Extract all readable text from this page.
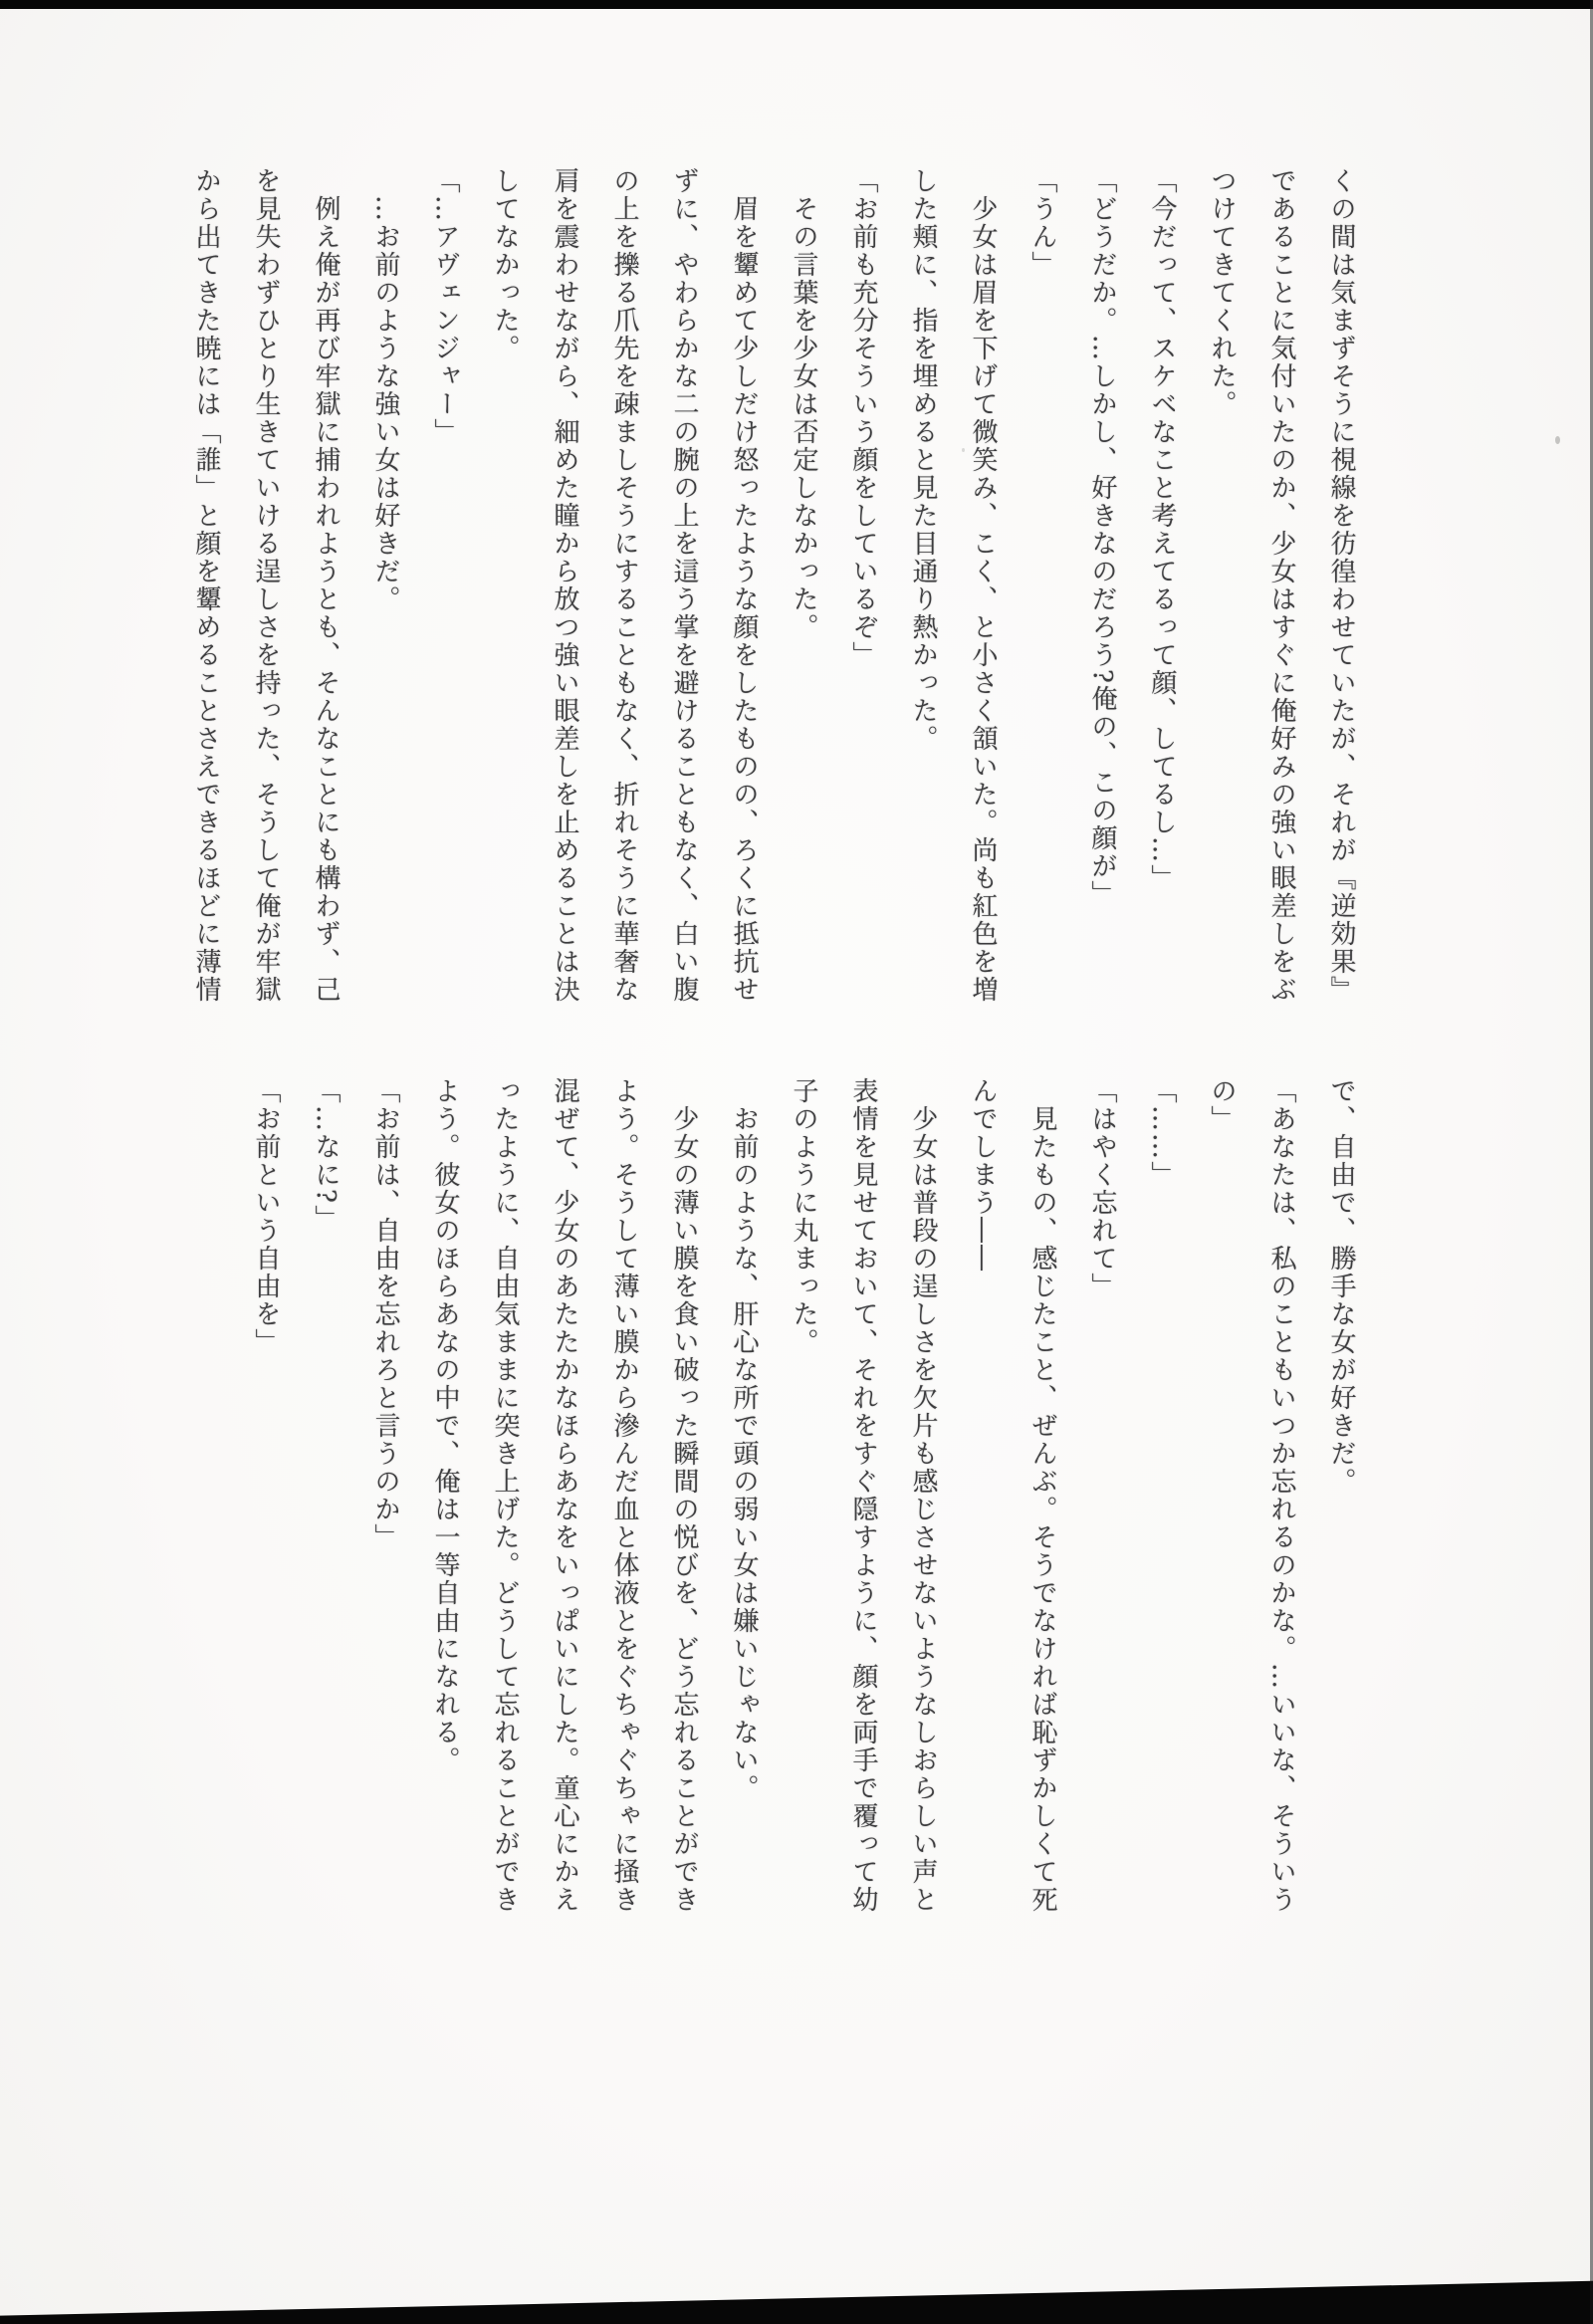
くの間は気まずそうに視線を彷徨わせていたが、それが『逆効果』

であることに気付いたのか、少女はすぐに俺好みの強い眼差しをぶ

つけてきてくれた。

「今だって、スケベなこと考えてるって顔、してるし…」

「どうだか。…しかし、好きなのだろう?俺の、この顔が」

「うん」

　少女は眉を下げて微笑み、こく、と小さく頷いた。尚も紅色を増

した頬に、指を埋めると見た目通り熱かった。

「お前も充分そういう顔をしているぞ」

　その言葉を少女は否定しなかった。

　眉を顰めて少しだけ怒ったような顔をしたものの、ろくに抵抗せ

ずに、やわらかな二の腕の上を這う掌を避けることもなく、白い腹

の上を擽る爪先を疎ましそうにすることもなく、折れそうに華奢な

肩を震わせながら、細めた瞳から放つ強い眼差しを止めることは決

してなかった。

「…アヴェンジャー」

　…お前のような強い女は好きだ。

　例え俺が再び牢獄に捕われようとも、そんなことにも構わず、己

を見失わずひとり生きていける逞しさを持った、そうして俺が牢獄

から出てきた暁には「誰」と顔を顰めることさえできるほどに薄情

で、自由で、勝手な女が好きだ。

「あなたは、私のこともいつか忘れるのかな。…いいな、そういう

の」

「……」

「はやく忘れて」

　見たもの、感じたこと、ぜんぶ。そうでなければ恥ずかしくて死

んでしまう――

　少女は普段の逞しさを欠片も感じさせないようなしおらしい声と

表情を見せておいて、それをすぐ隠すように、顔を両手で覆って幼

子のように丸まった。

　お前のような、肝心な所で頭の弱い女は嫌いじゃない。

　少女の薄い膜を食い破った瞬間の悦びを、どう忘れることができ

よう。そうして薄い膜から滲んだ血と体液とをぐちゃぐちゃに掻き

混ぜて、少女のあたたかなほらあなをいっぱいにした。童心にかえ

ったように、自由気ままに突き上げた。どうして忘れることができ

よう。彼女のほらあなの中で、俺は一等自由になれる。

「お前は、自由を忘れろと言うのか」

「…なに?」

「お前という自由を」
